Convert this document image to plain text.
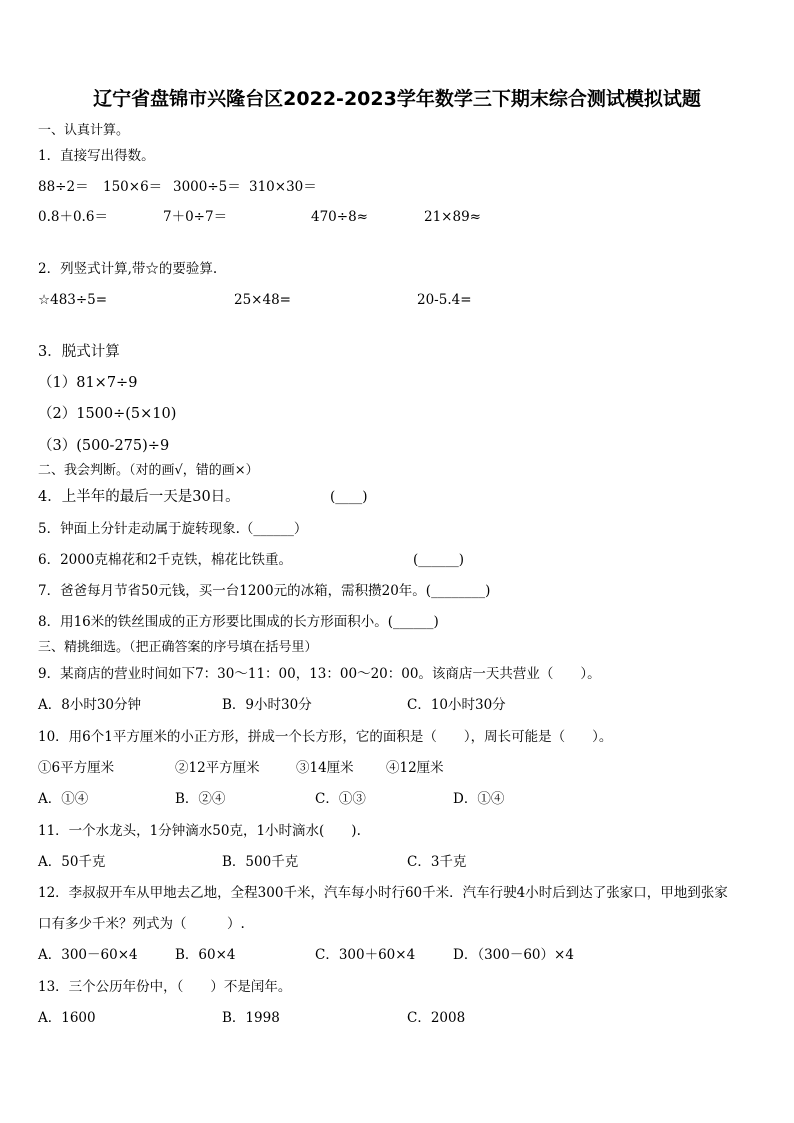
辽宁省盘锦市兴隆台区2022-2023学年数学三下期末综合测试模拟试题
一、认真计算。
1．直接写出得数。
88÷2＝ 150×6＝ 3000÷5＝ 310×30＝
0.8＋0.6＝	7＋0÷7＝	470÷8≈	21×89≈
2．列竖式计算,带☆的要验算.
☆483÷5=	25×48=	20-5.4=
3．脱式计算
（1）81×7÷9
（2）1500÷(5×10)
（3）(500-275)÷9
二、我会判断。（对的画√，错的画×）
4．上半年的最后一天是30日。	(____)
5．钟面上分针走动属于旋转现象.（______）
6．2000克棉花和2千克铁，棉花比铁重。	(______)
7．爸爸每月节省50元钱，买一台1200元的冰箱，需积攒20年。(________)
8．用16米的铁丝围成的正方形要比围成的长方形面积小。(______)
三、精挑细选。（把正确答案的序号填在括号里）
9．某商店的营业时间如下7：30～11：00，13：00～20：00。该商店一天共营业（　　）。
A．8小时30分钟	B．9小时30分	C．10小时30分
10．用6个1平方厘米的小正方形，拼成一个长方形，它的面积是（　　），周长可能是（　　）。
①6平方厘米	②12平方厘米	③14厘米 ④12厘米
A．①④	B．②④	C．①③	D．①④
11．一个水龙头，1分钟滴水50克，1小时滴水(　　).
A．50千克	B．500千克	C．3千克
12．李叔叔开车从甲地去乙地，全程300千米，汽车每小时行60千米．汽车行驶4小时后到达了张家口，甲地到张家
口有多少千米？列式为（　　　）.
A．300－60×4	B．60×4	C．300＋60×4	D．（300－60）×4
13．三个公历年份中，（　　）不是闰年。
A．1600	B．1998	C．2008
